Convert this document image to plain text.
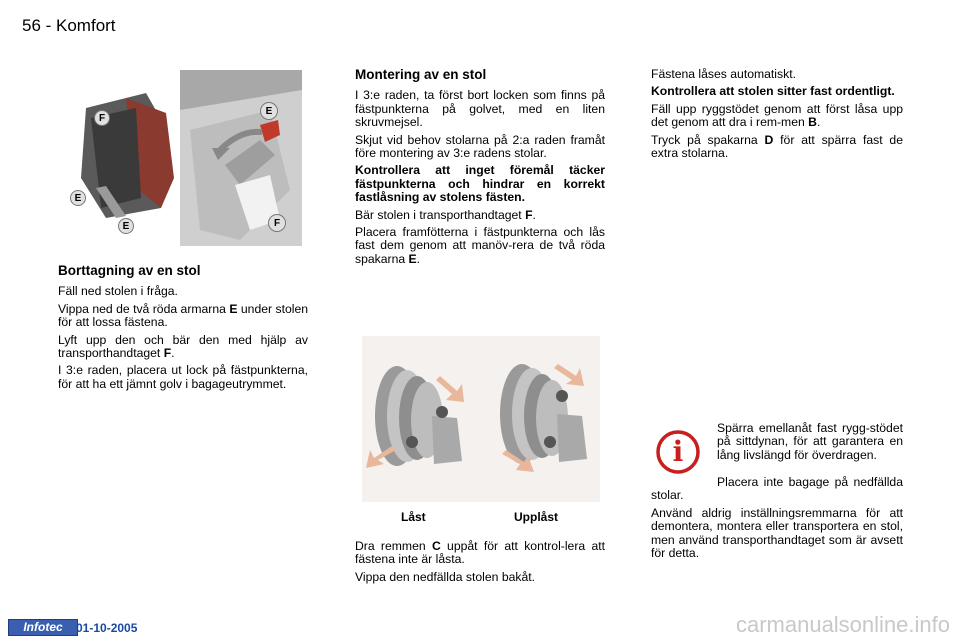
56 - Komfort
F
E
E
E
F
Borttagning av en stol

Fäll ned stolen i fråga.

Vippa ned de två röda armarna E under stolen för att lossa fästena.

Lyft upp den och bär den med hjälp av transporthandtaget F.

I 3:e raden, placera ut lock på fästpunkterna, för att ha ett jämnt golv i bagageutrymmet.

Montering av en stol

I 3:e raden, ta först bort locken som finns på fästpunkterna på golvet, med en liten skruvmejsel.

Skjut vid behov stolarna på 2:a raden framåt före montering av 3:e radens stolar.

Kontrollera att inget föremål täcker fästpunkterna och hindrar en korrekt fastlåsning av stolens fästen.

Bär stolen i transporthandtaget F.

Placera framfötterna i fästpunkterna och lås fast dem genom att manöv-rera de två röda spakarna E.

Låst	Upplåst

Dra remmen C uppåt för att kontrol-lera att fästena inte är låsta.

Vippa den nedfällda stolen bakåt.

Fästena låses automatiskt.

Kontrollera att stolen sitter fast ordentligt.

Fäll upp ryggstödet genom att först låsa upp det genom att dra i rem-men B.

Tryck på spakarna D för att spärra fast de extra stolarna.

i

Spärra emellanåt fast rygg-stödet på sittdynan, för att garantera en lång livslängd för överdragen.

Placera inte bagage på nedfällda stolar.

Använd aldrig inställningsremmarna för att demontera, montera eller transportera en stol, men använd transporthandtaget som är avsett för detta.

Infotec	01-10-2005	carmanualsonline.info
